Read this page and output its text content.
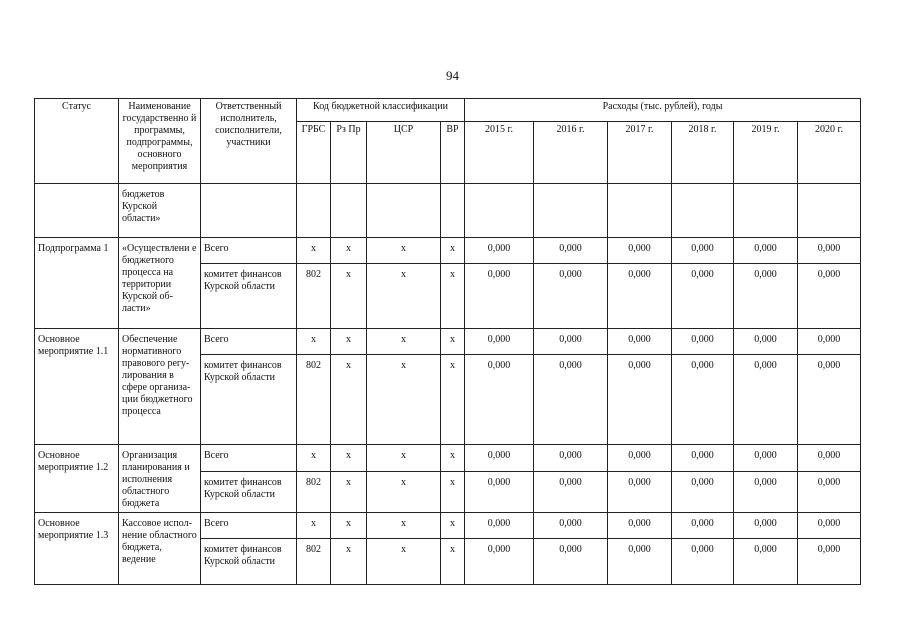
94
Статус	Наименование государственно й программы, подпрограммы, основного мероприятия	Ответственный исполнитель, соисполнители, участники	Код бюджетной классификации				Расходы (тыс. рублей), годы					
			ГРБС	Рз Пр	ЦСР	ВР	2015 г.	2016 г.	2017 г.	2018 г.	2019 г.	2020 г.
	бюджетов Курской области»											
Подпрограмма 1	«Осуществлени е бюджетного процесса на территории Курской об- ласти»	Всего	х	х	х	х	0,000	0,000	0,000	0,000	0,000	0,000
		комитет финансов Курской области	802	х	х	х	0,000	0,000	0,000	0,000	0,000	0,000
Основное мероприятие 1.1	Обеспечение нормативного правового регу- лирования в сфере организа- ции бюджетного процесса	Всего	х	х	х	х	0,000	0,000	0,000	0,000	0,000	0,000
		комитет финансов Курской области	802	х	х	х	0,000	0,000	0,000	0,000	0,000	0,000
Основное мероприятие 1.2	Организация планирования и исполнения областного бюджета	Всего	х	х	х	х	0,000	0,000	0,000	0,000	0,000	0,000
		комитет финансов Курской области	802	х	х	х	0,000	0,000	0,000	0,000	0,000	0,000
Основное мероприятие 1.3	Кассовое испол- нение областного бюджета, ведение	Всего	х	х	х	х	0,000	0,000	0,000	0,000	0,000	0,000
		комитет финансов Курской области	802	х	х	х	0,000	0,000	0,000	0,000	0,000	0,000
